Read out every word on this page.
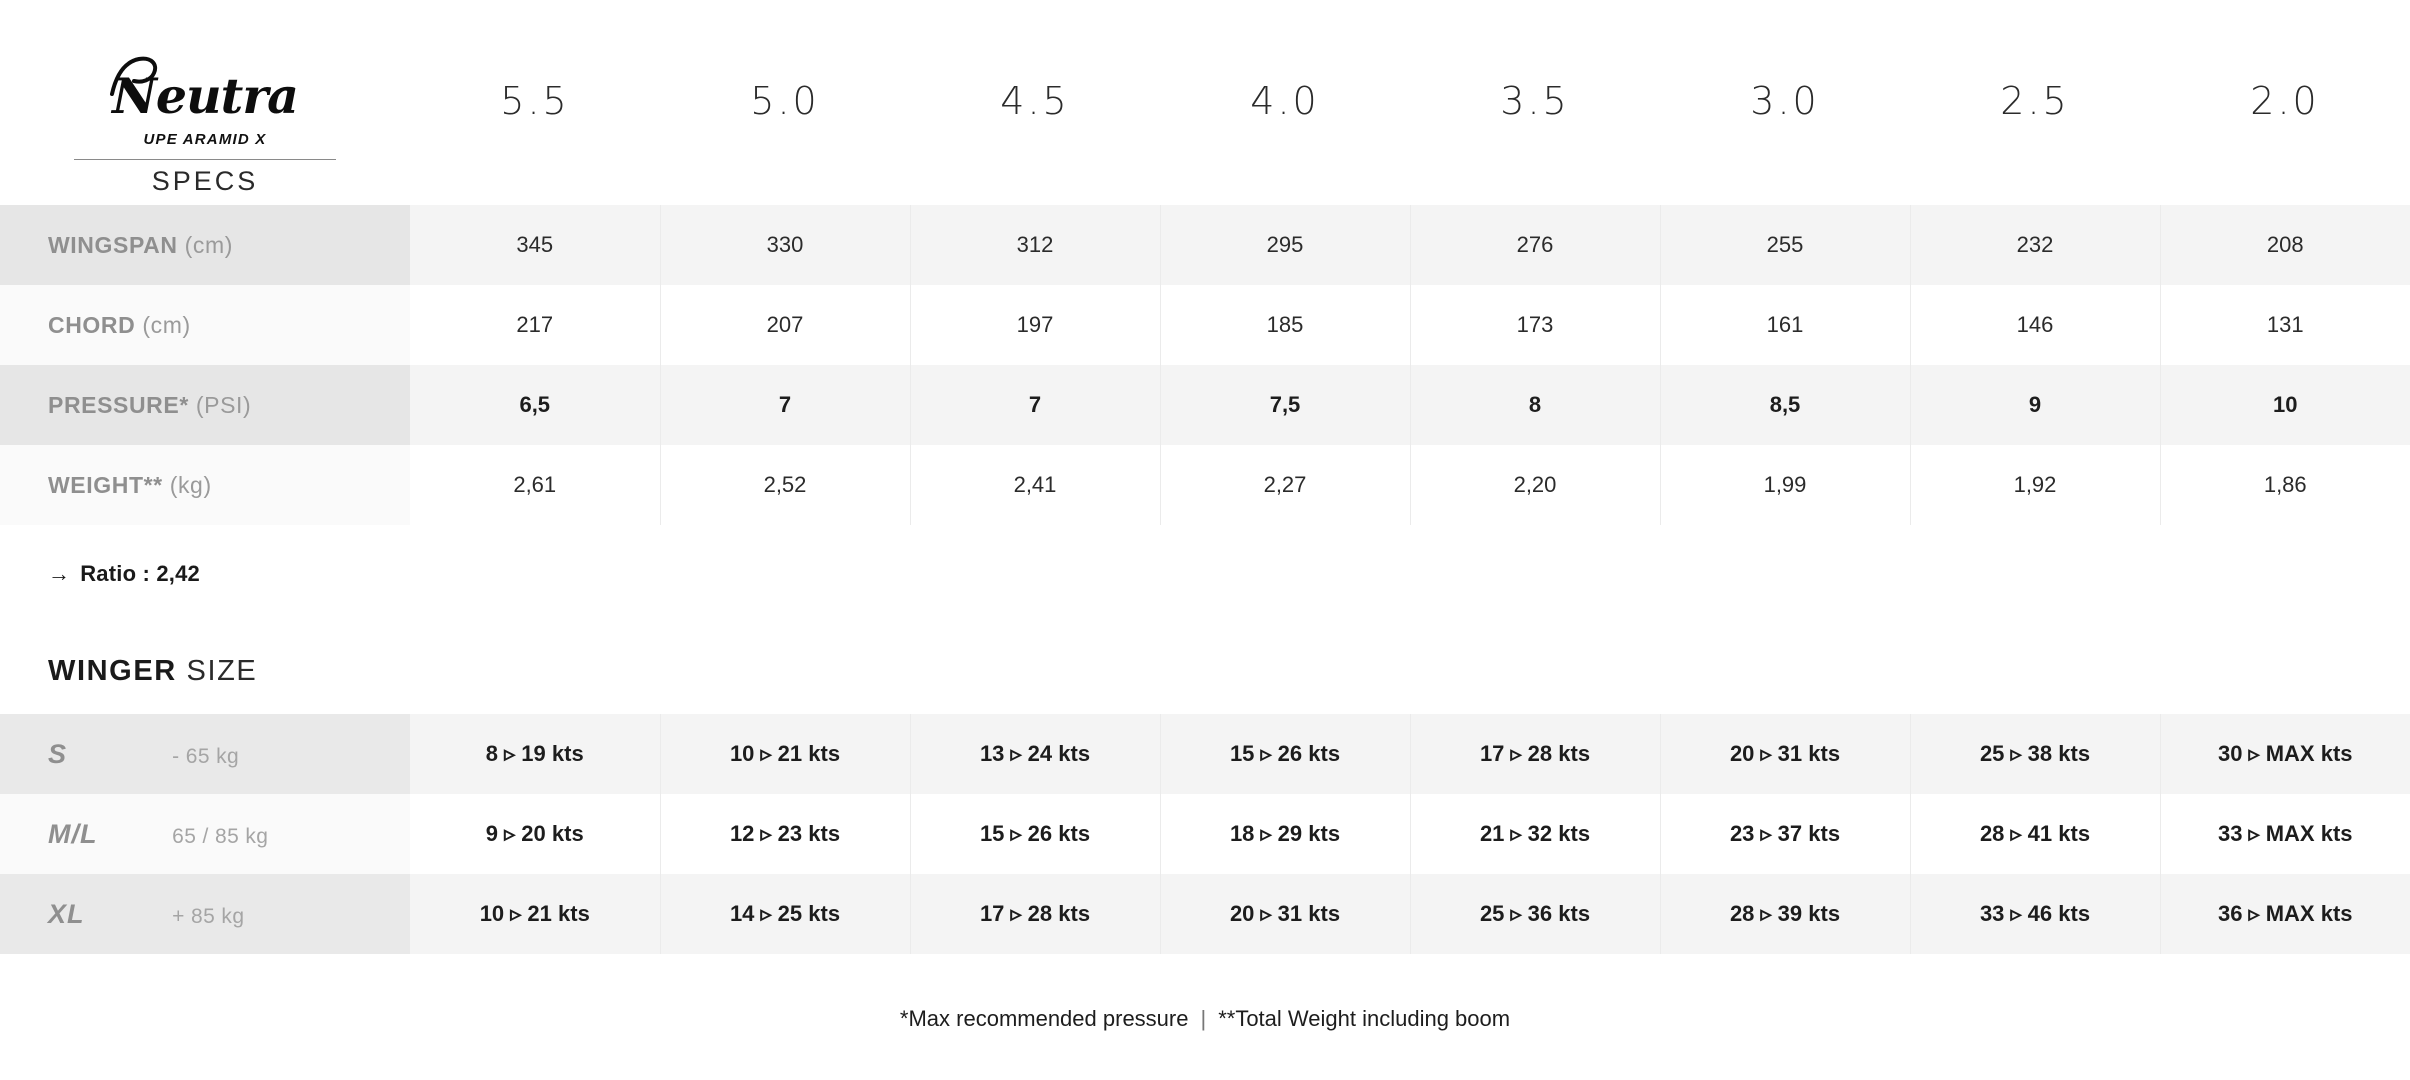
Neutra
UPE ARAMID X
SPECS
5.5	5.0	4.5	4.0	3.5	3.0	2.5	2.0
WINGSPAN (cm)	345	330	312	295	276	255	232	208
CHORD (cm)	217	207	197	185	173	161	146	131
PRESSURE* (PSI)	6,5	7	7	7,5	8	8,5	9	10
WEIGHT** (kg)	2,61	2,52	2,41	2,27	2,20	1,99	1,92	1,86
→ Ratio : 2,42
WINGER SIZE
S - 65 kg	8 ▹ 19 kts	10 ▹ 21 kts	13 ▹ 24 kts	15 ▹ 26 kts	17 ▹ 28 kts	20 ▹ 31 kts	25 ▹ 38 kts	30 ▹ MAX kts
M/L 65 / 85 kg	9 ▹ 20 kts	12 ▹ 23 kts	15 ▹ 26 kts	18 ▹ 29 kts	21 ▹ 32 kts	23 ▹ 37 kts	28 ▹ 41 kts	33 ▹ MAX kts
XL + 85 kg	10 ▹ 21 kts	14 ▹ 25 kts	17 ▹ 28 kts	20 ▹ 31 kts	25 ▹ 36 kts	28 ▹ 39 kts	33 ▹ 46 kts	36 ▹ MAX kts
*Max recommended pressure | **Total Weight including boom
